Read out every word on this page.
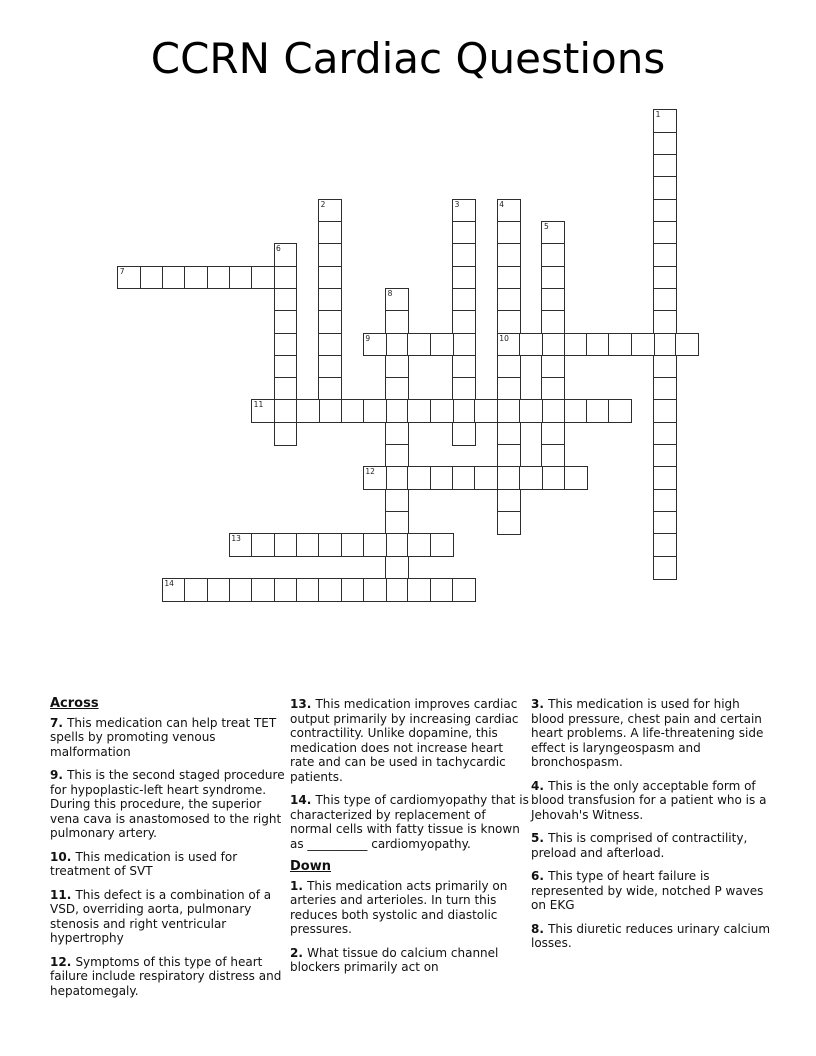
CCRN Cardiac Questions
1
2	3	4
10
5
6
7
8
9
11
12
13
14
Across
7. This medication can help treat TET spells by promoting venous malformation
9. This is the second staged procedure for hypoplastic-left heart syndrome. During this procedure, the superior vena cava is anastomosed to the right pulmonary artery.
10. This medication is used for treatment of SVT
11. This defect is a combination of a VSD, overriding aorta, pulmonary stenosis and right ventricular hypertrophy
12. Symptoms of this type of heart failure include respiratory distress and hepatomegaly.
13. This medication improves cardiac output primarily by increasing cardiac contractility. Unlike dopamine, this medication does not increase heart rate and can be used in tachycardic patients.
14. This type of cardiomyopathy that is characterized by replacement of normal cells with fatty tissue is known as __________ cardiomyopathy.
Down
1. This medication acts primarily on arteries and arterioles. In turn this reduces both systolic and diastolic pressures.
2. What tissue do calcium channel blockers primarily act on
3. This medication is used for high blood pressure, chest pain and certain heart problems. A life-threatening side effect is laryngeospasm and bronchospasm.
4. This is the only acceptable form of blood transfusion for a patient who is a Jehovah's Witness.
5. This is comprised of contractility, preload and afterload.
6. This type of heart failure is represented by wide, notched P waves on EKG
8. This diuretic reduces urinary calcium losses.
